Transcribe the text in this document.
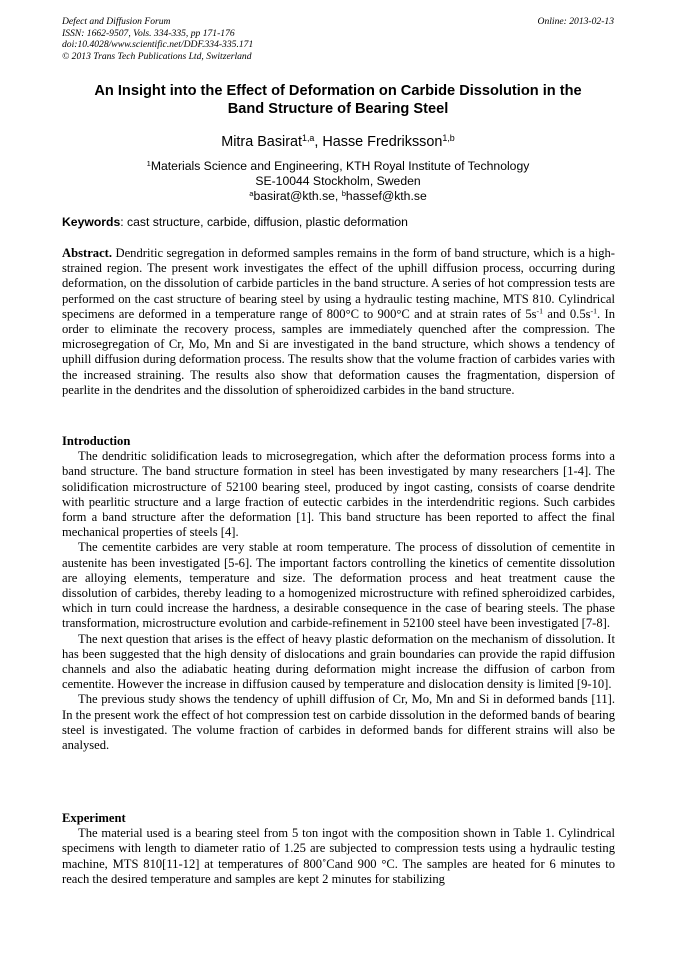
Defect and Diffusion Forum
ISSN: 1662-9507, Vols. 334-335, pp 171-176
doi:10.4028/www.scientific.net/DDF.334-335.171
© 2013 Trans Tech Publications Ltd, Switzerland
Online: 2013-02-13
An Insight into the Effect of Deformation on Carbide Dissolution in the
Band Structure of Bearing Steel
Mitra Basirat$^{1,a}$, Hasse Fredriksson$^{1,b}$
$^1$Materials Science and Engineering, KTH Royal Institute of Technology
SE-10044 Stockholm, Sweden
$^a$basirat@kth.se, $^b$hassef@kth.se
Keywords: cast structure, carbide, diffusion, plastic deformation

Abstract. Dendritic segregation in deformed samples remains in the form of band structure, which is a high-strained region. The present work investigates the effect of the uphill diffusion process, occurring during deformation, on the dissolution of carbide particles in the band structure. A series of hot compression tests are performed on the cast structure of bearing steel by using a hydraulic testing machine, MTS 810. Cylindrical specimens are deformed in a temperature range of 800°C to 900°C and at strain rates of $5s^{-1}$ and $0.5s^{-1}$. In order to eliminate the recovery process, samples are immediately quenched after the compression. The microsegregation of Cr, Mo, Mn and Si are investigated in the band structure, which shows a tendency of uphill diffusion during deformation process. The results show that the volume fraction of carbides varies with the increased straining. The results also show that deformation causes the fragmentation, dispersion of pearlite in the dendrites and the dissolution of spheroidized carbides in the band structure.

Introduction

The dendritic solidification leads to microsegregation, which after the deformation process forms into a band structure. The band structure formation in steel has been investigated by many researchers [1-4]. The solidification microstructure of 52100 bearing steel, produced by ingot casting, consists of coarse dendrite with pearlitic structure and a large fraction of eutectic carbides in the interdendritic regions. Such carbides form a band structure after the deformation [1]. This band structure has been reported to affect the final mechanical properties of steels [4].

The cementite carbides are very stable at room temperature. The process of dissolution of cementite in austenite has been investigated [5-6]. The important factors controlling the kinetics of cementite dissolution are alloying elements, temperature and size. The deformation process and heat treatment cause the dissolution of carbides, thereby leading to a homogenized microstructure with refined spheroidized carbides, which in turn could increase the hardness, a desirable consequence in the case of bearing steels. The phase transformation, microstructure evolution and carbide-refinement in 52100 steel have been investigated [7-8].

The next question that arises is the effect of heavy plastic deformation on the mechanism of dissolution. It has been suggested that the high density of dislocations and grain boundaries can provide the rapid diffusion channels and also the adiabatic heating during deformation might increase the diffusion of carbon from cementite. However the increase in diffusion caused by temperature and dislocation density is limited [9-10].

The previous study shows the tendency of uphill diffusion of Cr, Mo, Mn and Si in deformed bands [11]. In the present work the effect of hot compression test on carbide dissolution in the deformed bands of bearing steel is investigated. The volume fraction of carbides in deformed bands for different strains will also be analysed.

Experiment

The material used is a bearing steel from 5 ton ingot with the composition shown in Table 1. Cylindrical specimens with length to diameter ratio of 1.25 are subjected to compression tests using a hydraulic testing machine, MTS 810[11-12] at temperatures of 800˚Cand 900 °C. The samples are heated for 6 minutes to reach the desired temperature and samples are kept 2 minutes for stabilizing
